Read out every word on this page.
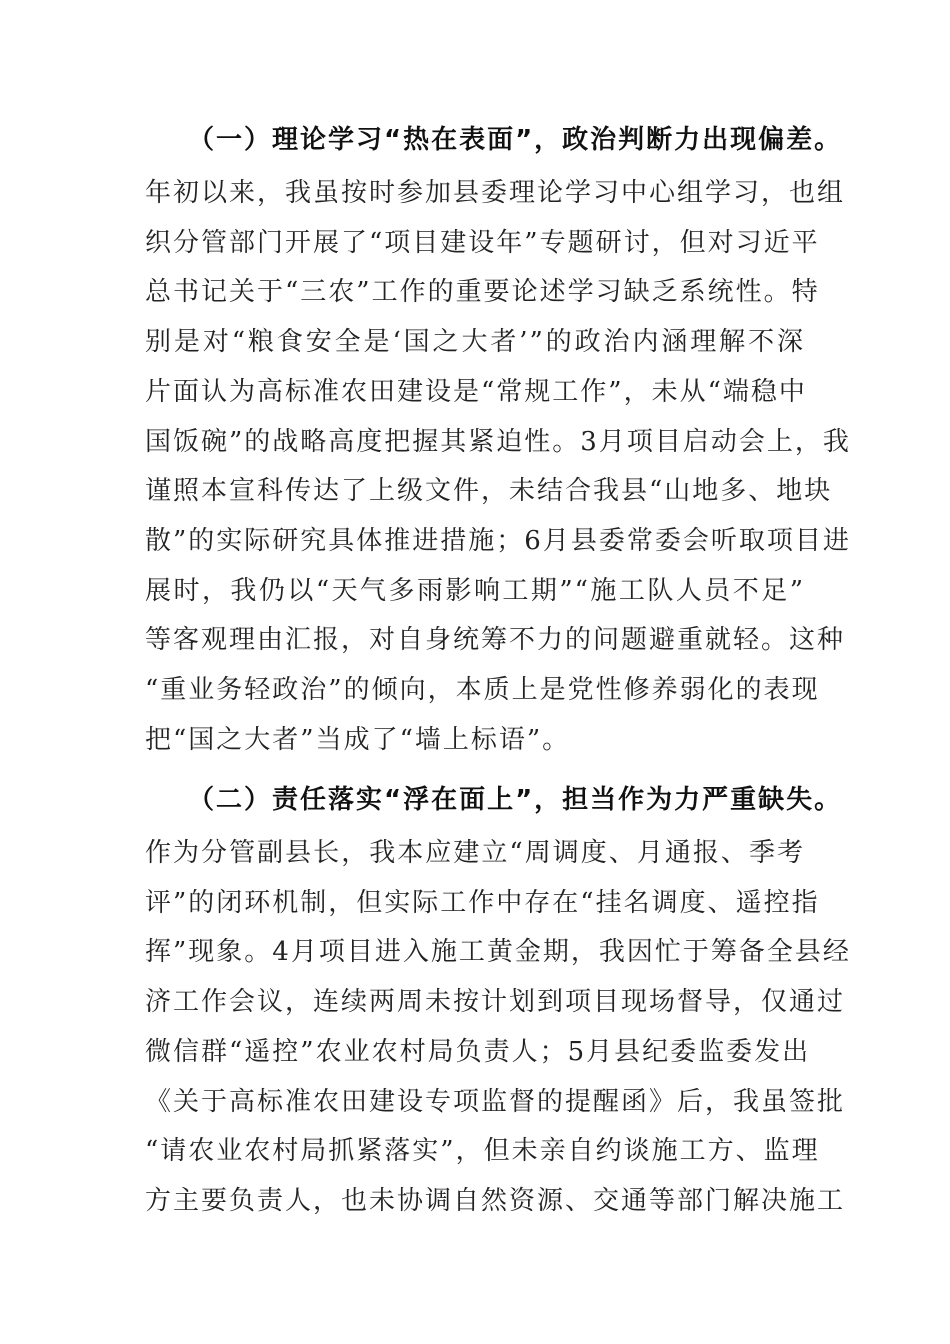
（一）理论学习“热在表面”，政治判断力出现偏差。
年初以来，我虽按时参加县委理论学习中心组学习，也组
织分管部门开展了“项目建设年”专题研讨，但对习近平
总书记关于“三农”工作的重要论述学习缺乏系统性。特
别是对“粮食安全是‘国之大者’”的政治内涵理解不深
片面认为高标准农田建设是“常规工作”，未从“端稳中
国饭碗”的战略高度把握其紧迫性。3月项目启动会上，我
谨照本宣科传达了上级文件，未结合我县“山地多、地块
散”的实际研究具体推进措施；6月县委常委会听取项目进
展时，我仍以“天气多雨影响工期”“施工队人员不足”
等客观理由汇报，对自身统筹不力的问题避重就轻。这种
“重业务轻政治”的倾向，本质上是党性修养弱化的表现
把“国之大者”当成了“墙上标语”。
（二）责任落实“浮在面上”，担当作为力严重缺失。
作为分管副县长，我本应建立“周调度、月通报、季考
评”的闭环机制，但实际工作中存在“挂名调度、遥控指
挥”现象。4月项目进入施工黄金期，我因忙于筹备全县经
济工作会议，连续两周未按计划到项目现场督导，仅通过
微信群“遥控”农业农村局负责人；5月县纪委监委发出
《关于高标准农田建设专项监督的提醒函》后，我虽签批
“请农业农村局抓紧落实”，但未亲自约谈施工方、监理
方主要负责人，也未协调自然资源、交通等部门解决施工
